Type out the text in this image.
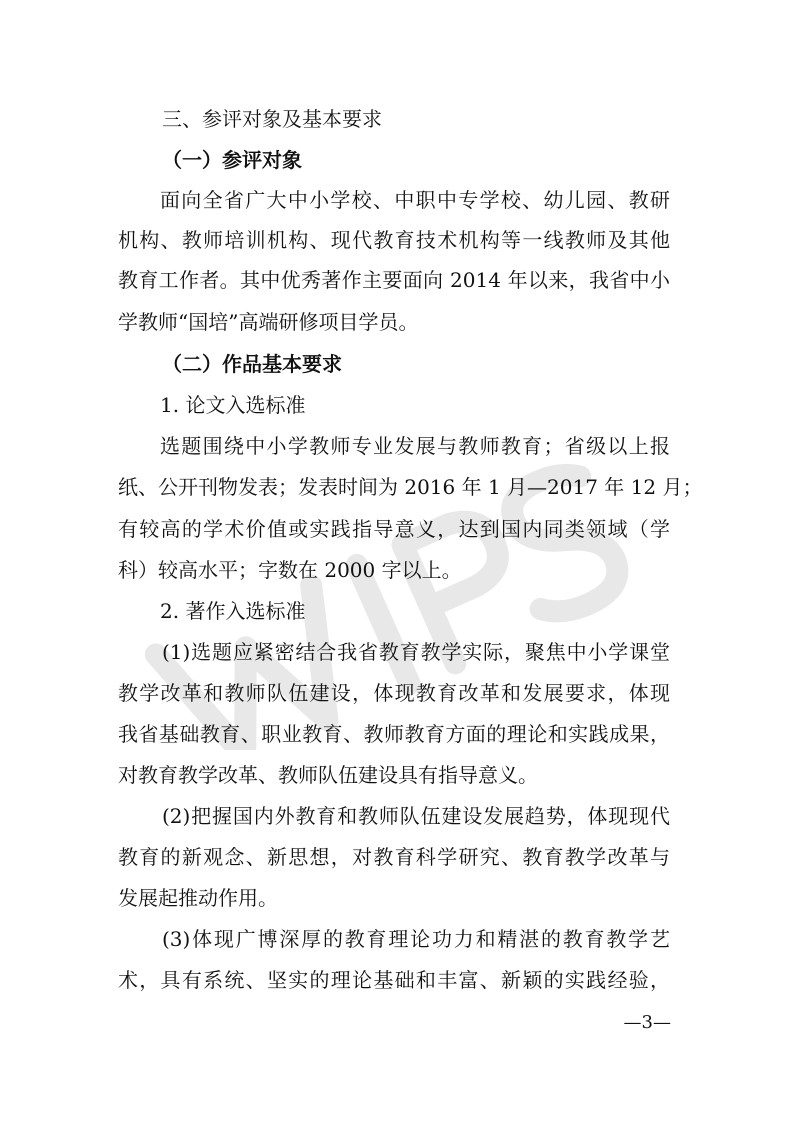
三、参评对象及基本要求
（一）参评对象
面向全省广大中小学校、中职中专学校、幼儿园、教研
机构、教师培训机构、现代教育技术机构等一线教师及其他
教育工作者。其中优秀著作主要面向 2014 年以来，我省中小
学教师“国培”高端研修项目学员。
（二）作品基本要求
1. 论文入选标准
选题围绕中小学教师专业发展与教师教育；省级以上报
纸、公开刊物发表；发表时间为 2016 年 1 月—2017 年 12 月；
有较高的学术价值或实践指导意义，达到国内同类领域（学
科）较高水平；字数在 2000 字以上。
2. 著作入选标准
(1)选题应紧密结合我省教育教学实际，聚焦中小学课堂
教学改革和教师队伍建设，体现教育改革和发展要求，体现
我省基础教育、职业教育、教师教育方面的理论和实践成果，
对教育教学改革、教师队伍建设具有指导意义。
(2)把握国内外教育和教师队伍建设发展趋势，体现现代
教育的新观念、新思想，对教育科学研究、教育教学改革与
发展起推动作用。
(3)体现广博深厚的教育理论功力和精湛的教育教学艺
术，具有系统、坚实的理论基础和丰富、新颖的实践经验，
—3—
